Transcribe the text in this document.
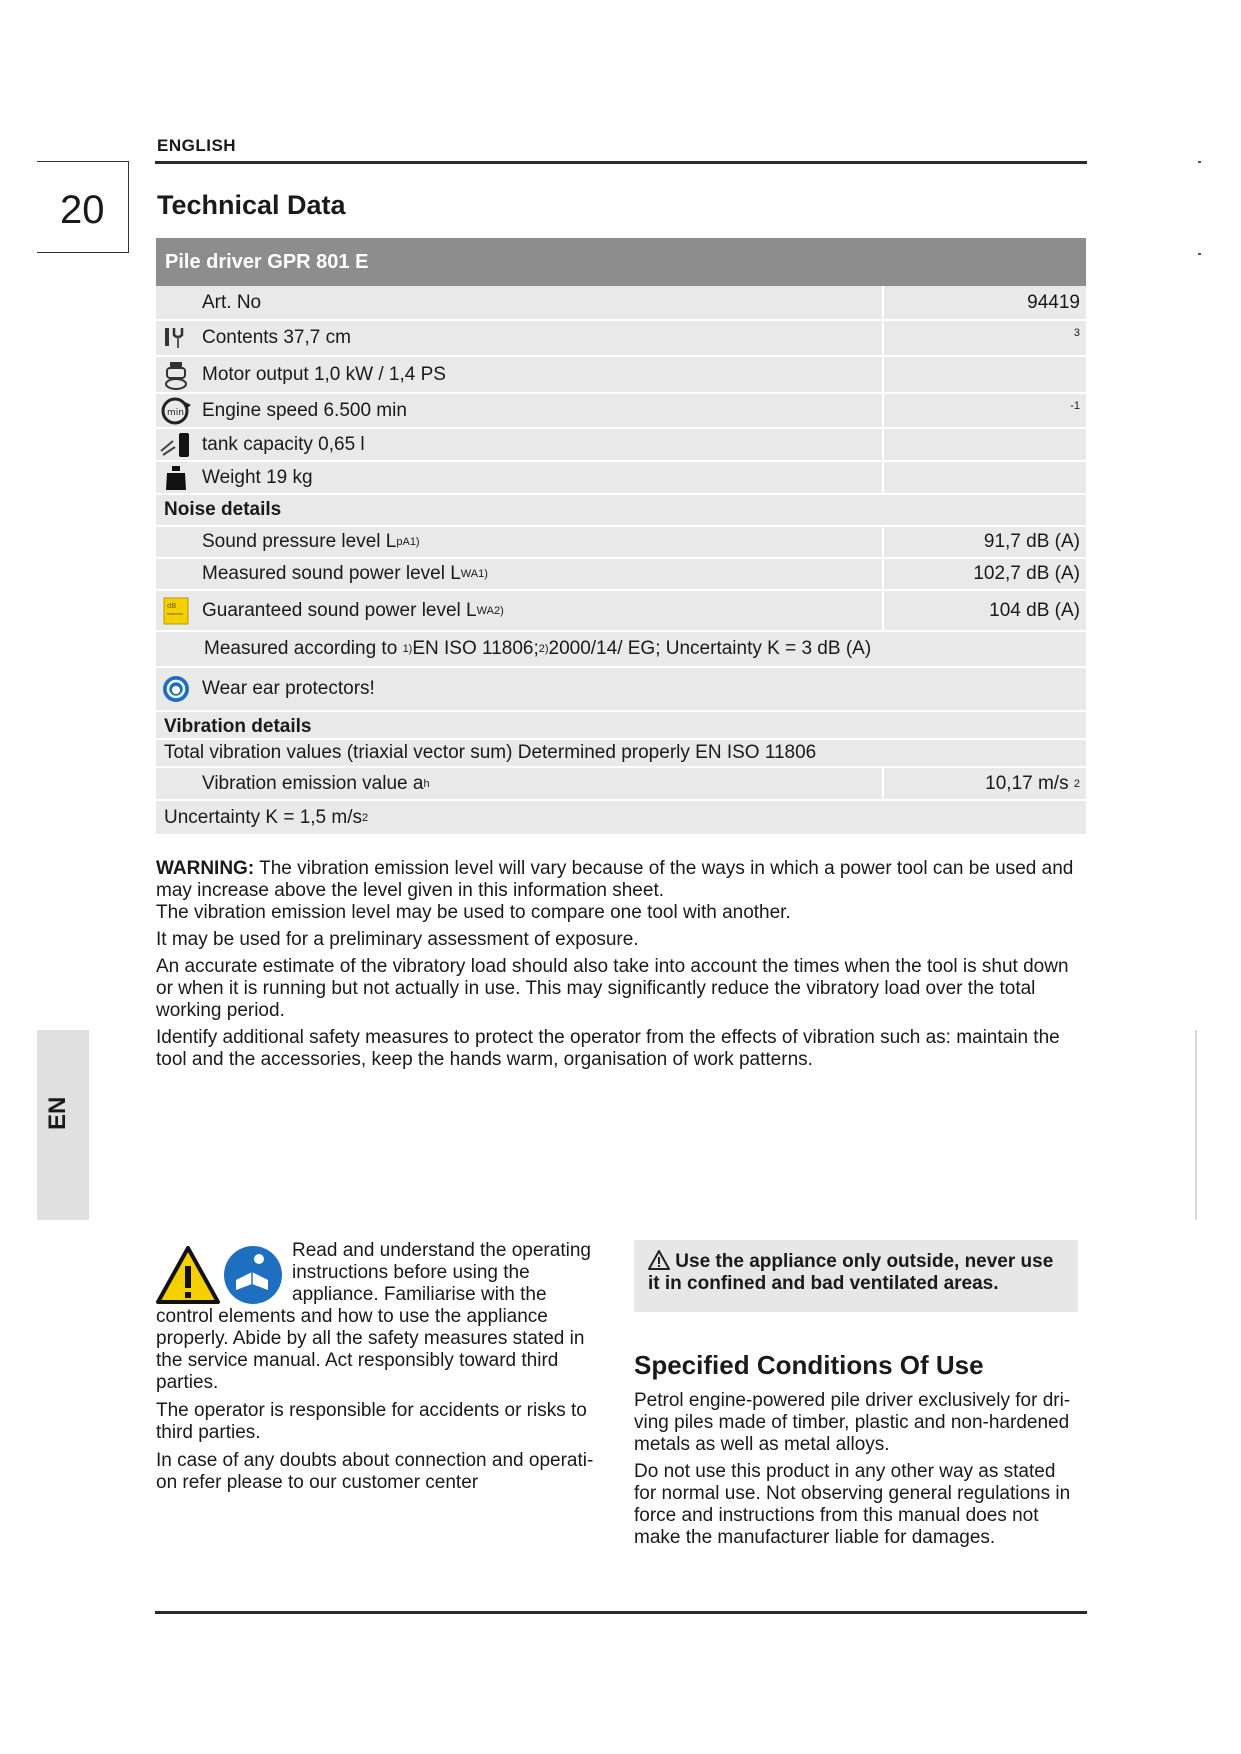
ENGLISH
20 Technical Data
Pile driver GPR 801 E
Art. No	94419
Contents 37,7 cm	3
Motor output 1,0 kW / 1,4 PS
min Engine speed 6.500 min	-1
tank capacity 0,65 l
Weight 19 kg
Noise details
Sound pressure level L pA 1)	91,7 dB (A)
Measured sound power level L WA 1)	102,7 dB (A)
dB Guaranteed sound power level L WA 2)	104 dB (A)
Measured according to
1) EN ISO 11806; 2) 2000/14/ EG; Uncertainty K = 3 dB (A)
Wear ear protectors!
Vibration details
Total vibration values (triaxial vector sum) Determined properly EN ISO 11806
Vibration emission value a h	10,17 m/s
2
Uncertainty K = 1,5 m/s 2

WARNING: The vibration emission level will vary because of the ways in which a power tool can be used and may increase above the level given in this information sheet.

The vibration emission level may be used to compare one tool with another.

It may be used for a preliminary assessment of exposure.

An accurate estimate of the vibratory load should also take into account the times when the tool is shut down or when it is running but not actually in use. This may significantly reduce the vibratory load over the total working period.

Identify additional safety measures to protect the operator from the effects of vibration such as: maintain the tool and the accessories, keep the hands warm, organisation of work patterns.

EN

Read and understand the operating instructions before using the appliance. Familiarise with the control elements and how to use the appliance properly. Abide by all the safety measures stated in the service manual. Act responsibly toward third parties.

The operator is responsible for accidents or risks to third parties.

In case of any doubts about connection and operati-on refer please to our customer center

Use the appliance only outside, never use it in confined and bad ventilated areas.
Specified Conditions Of Use

Petrol engine-powered pile driver exclusively for dri-ving piles made of timber, plastic and non-hardened metals as well as metal alloys.

Do not use this product in any other way as stated for normal use. Not observing general regulations in force and instructions from this manual does not make the manufacturer liable for damages.
